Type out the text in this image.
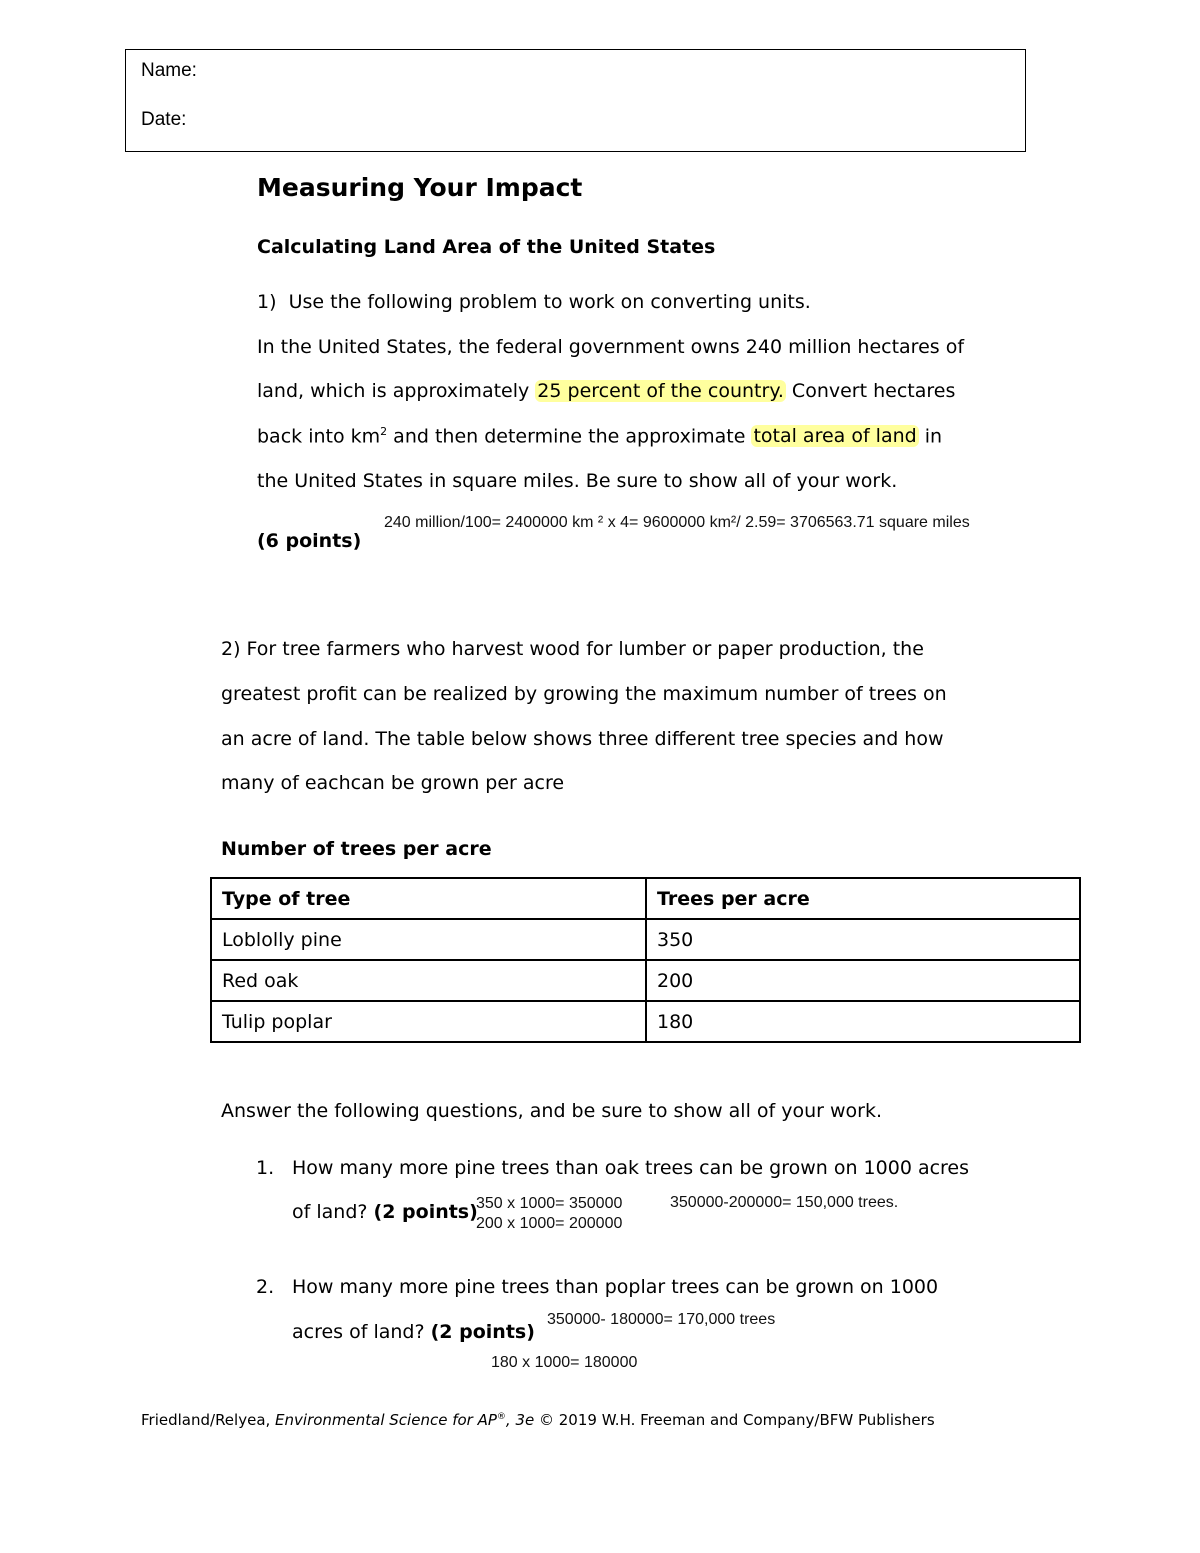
Name:
Date:
Measuring Your Impact
Calculating Land Area of the United States
1) Use the following problem to work on converting units.
In the United States, the federal government owns 240 million hectares of
land, which is approximately 25 percent of the country. Convert hectares
back into $km^2$ and then determine the approximate total area of land in
the United States in square miles. Be sure to show all of your work.
(6 points)
240 million/100= 2400000 km ² x 4= 9600000 km²/ 2.59= 3706563.71 square miles
2) For tree farmers who harvest wood for lumber or paper production, the
greatest profit can be realized by growing the maximum number of trees on
an acre of land. The table below shows three different tree species and how
many of eachcan be grown per acre
Number of trees per acre
Type of tree	Trees per acre
Loblolly pine	350
Red oak	200
Tulip poplar	180
Answer the following questions, and be sure to show all of your work.
1. How many more pine trees than oak trees can be grown on 1000 acres
of land? (2 points)
350 x 1000= 350000
200 x 1000= 200000
350000-200000= 150,000 trees.
2. How many more pine trees than poplar trees can be grown on 1000
acres of land? (2 points)
350000- 180000= 170,000 trees
180 x 1000= 180000
Friedland/Relyea, Environmental Science for AP®, 3e © 2019 W.H. Freeman and Company/BFW Publishers
